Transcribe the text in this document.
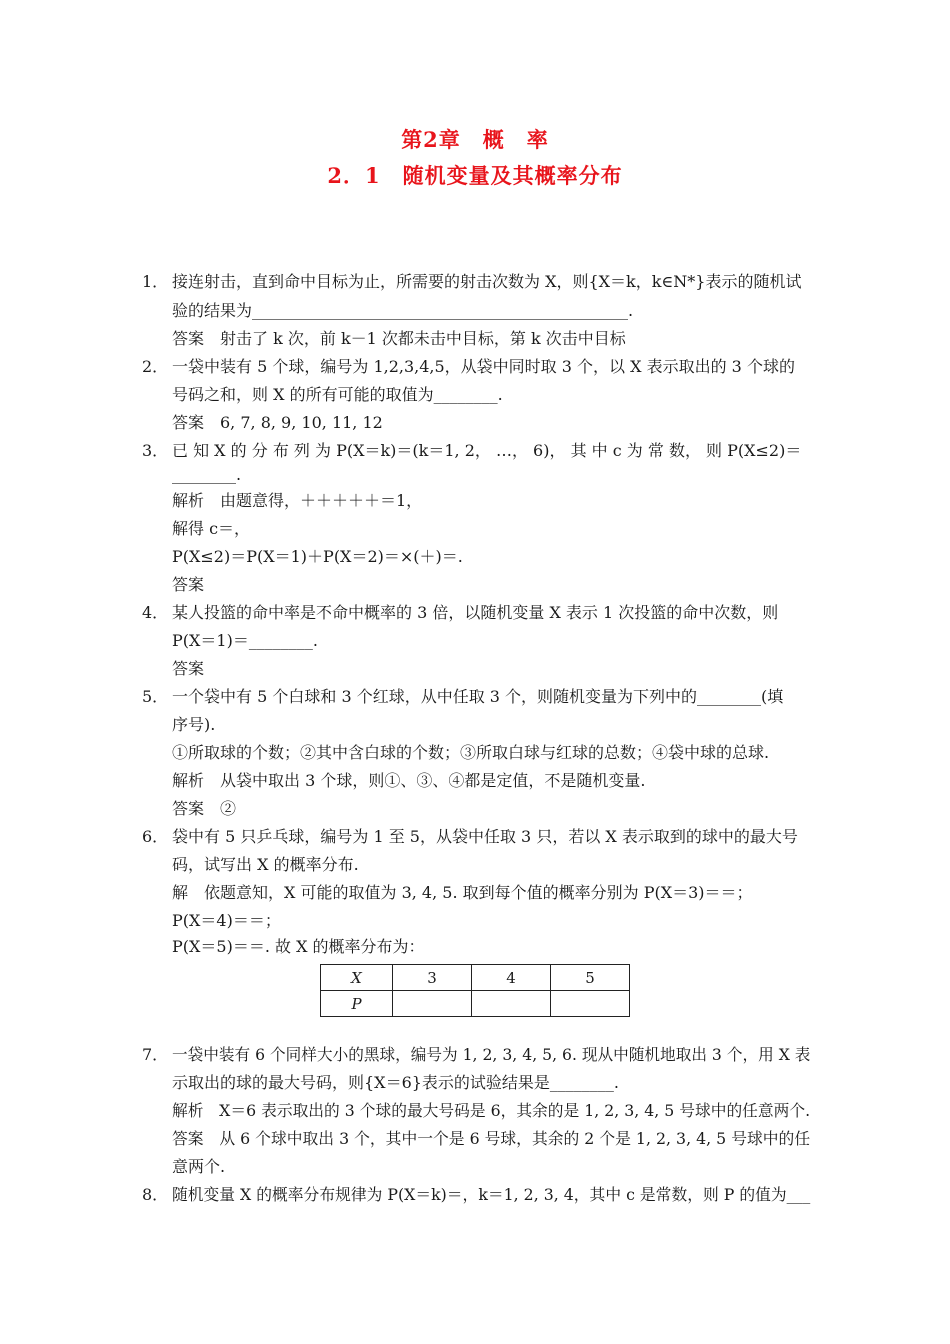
第2章　概　率
2．1　随机变量及其概率分布
1． 接连射击，直到命中目标为止，所需要的射击次数为 X，则{X＝k，k∈N*}表示的随机试
验的结果为_______________________________________________.
答案　射击了 k 次，前 k－1 次都未击中目标，第 k 次击中目标
2． 一袋中装有 5 个球，编号为 1,2,3,4,5，从袋中同时取 3 个，以 X 表示取出的 3 个球的
号码之和，则 X 的所有可能的取值为________.
答案　6, 7, 8, 9, 10, 11, 12
3． 已 知 X 的 分 布 列 为 P(X＝k)＝(k＝1, 2， …， 6)， 其 中 c 为 常 数， 则 P(X≤2)＝
________.
解析　由题意得，＋＋＋＋＋＝1，
解得 c＝，
P(X≤2)＝P(X＝1)＋P(X＝2)＝×(＋)＝.
答案
4． 某人投篮的命中率是不命中概率的 3 倍，以随机变量 X 表示 1 次投篮的命中次数，则
P(X＝1)＝________.
答案
5． 一个袋中有 5 个白球和 3 个红球，从中任取 3 个，则随机变量为下列中的________(填
序号).
①所取球的个数；②其中含白球的个数；③所取白球与红球的总数；④袋中球的总球.
解析　从袋中取出 3 个球，则①、③、④都是定值，不是随机变量.
答案　②
6． 袋中有 5 只乒乓球，编号为 1 至 5，从袋中任取 3 只，若以 X 表示取到的球中的最大号
码，试写出 X 的概率分布.
解　依题意知，X 可能的取值为 3, 4, 5. 取到每个值的概率分别为 P(X＝3)＝＝；
P(X＝4)＝＝；
P(X＝5)＝＝. 故 X 的概率分布为：
X	3	4	5
P			
7． 一袋中装有 6 个同样大小的黑球，编号为 1, 2, 3, 4, 5, 6. 现从中随机地取出 3 个，用 X 表
示取出的球的最大号码，则{X＝6}表示的试验结果是________.
解析　X＝6 表示取出的 3 个球的最大号码是 6，其余的是 1, 2, 3, 4, 5 号球中的任意两个.
答案　从 6 个球中取出 3 个，其中一个是 6 号球，其余的 2 个是 1, 2, 3, 4, 5 号球中的任
意两个.
8． 随机变量 X 的概率分布规律为 P(X＝k)＝，k＝1, 2, 3, 4，其中 c 是常数，则 P 的值为___
